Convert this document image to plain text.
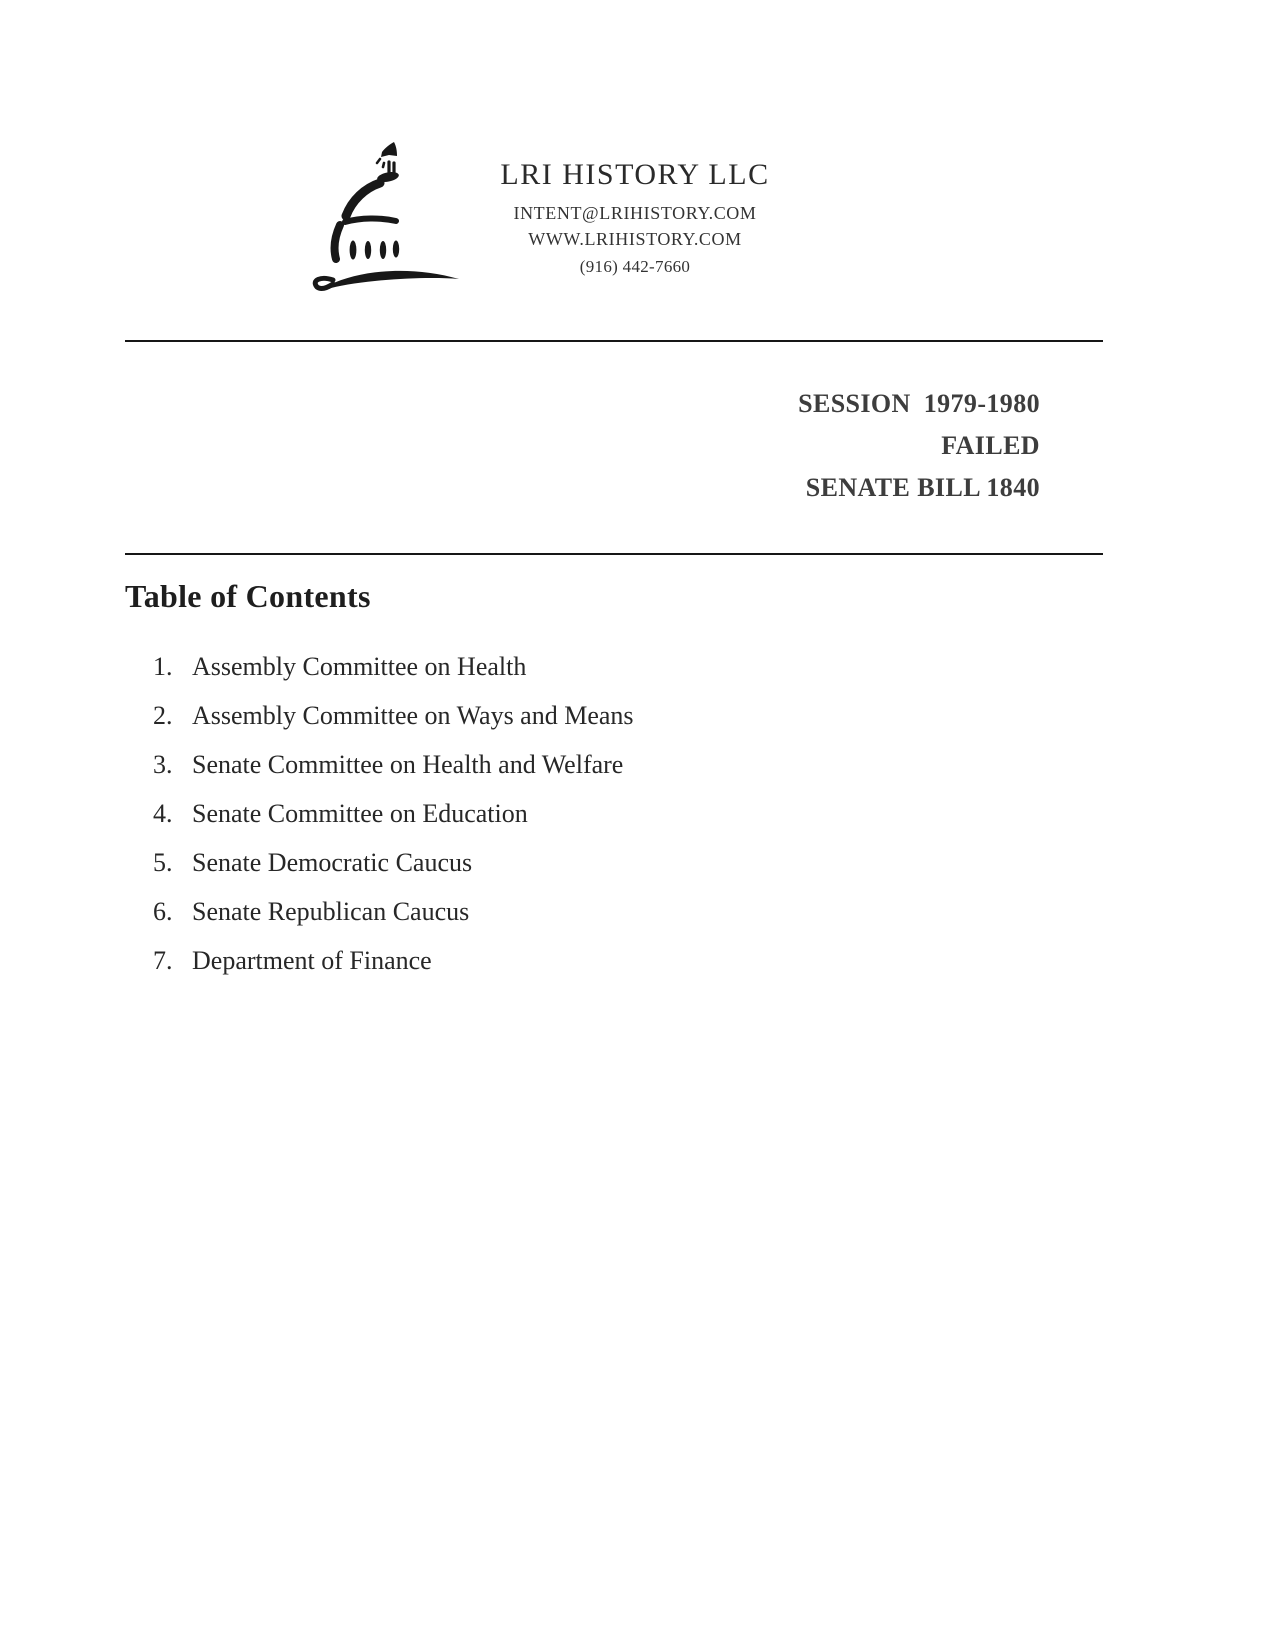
LRI HISTORY LLC
INTENT@LRIHISTORY.COM
WWW.LRIHISTORY.COM
(916) 442-7660
SESSION 1979-1980
FAILED
SENATE BILL 1840
Table of Contents
1. Assembly Committee on Health
2. Assembly Committee on Ways and Means
3. Senate Committee on Health and Welfare
4. Senate Committee on Education
5. Senate Democratic Caucus
6. Senate Republican Caucus
7. Department of Finance
